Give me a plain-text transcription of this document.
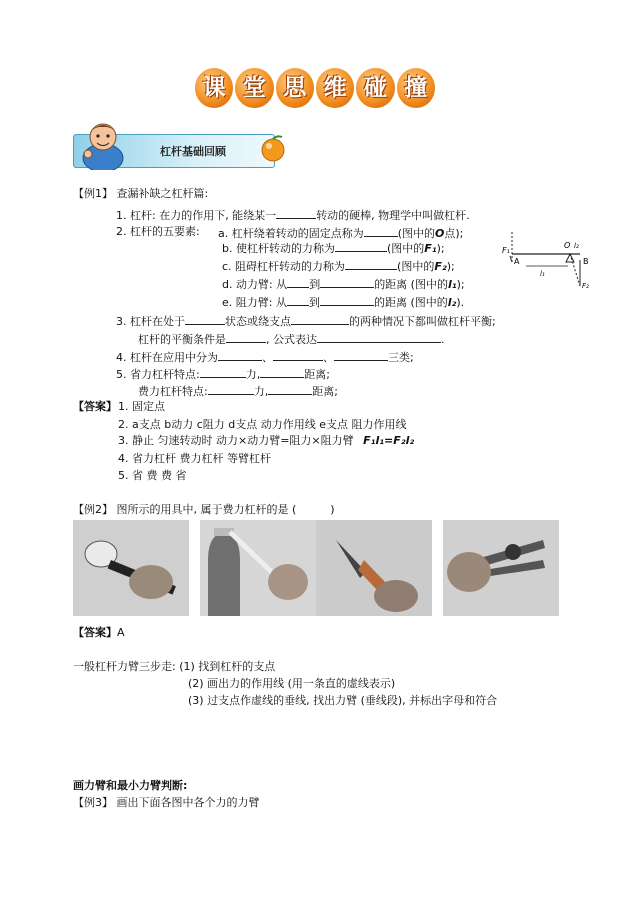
课 堂 思 维 碰 撞
杠杆基础回顾
【例1】 查漏补缺之杠杆篇:
1. 杠杆: 在力的作用下, 能绕某一	转动的硬棒, 物理学中叫做杠杆.
2. 杠杆的五要素: a. 杠杆绕着转动的固定点称为	(图中的O点);
b. 使杠杆转动的力称为	(图中的F₁);
c. 阻碍杠杆转动的力称为	(图中的F₂);
d. 动力臂: 从 到	的距离 (图中的l₁);
e. 阻力臂: 从 到	的距离 (图中的l₂).
F₁
O l₂
A
l₁
B
F₂
3. 杠杆在处于	状态或绕支点	的两种情况下都叫做杠杆平衡;
杠杆的平衡条件是	, 公式表达	.
4. 杠杆在应用中分为	、	、	三类;
5. 省力杠杆特点:	力,	距离;
费力杠杆特点:	力,	距离;
【答案】 1. 固定点
2. a支点 b动力 c阻力 d支点 动力作用线 e支点 阻力作用线
3. 静止 匀速转动时 动力×动力臂=阻力×阻力臂 F₁l₁=F₂l₂
4. 省力杠杆 费力杠杆 等臂杠杆
5. 省 费 费 省
【例2】 图所示的用具中, 属于费力杠杆的是 (	)
【答案】A
一般杠杆力臂三步走: (1) 找到杠杆的支点
(2) 画出力的作用线 (用一条直的虚线表示)
(3) 过支点作虚线的垂线, 找出力臂 (垂线段), 并标出字母和符合
画力臂和最小力臂判断:
【例3】 画出下面各图中各个力的力臂
